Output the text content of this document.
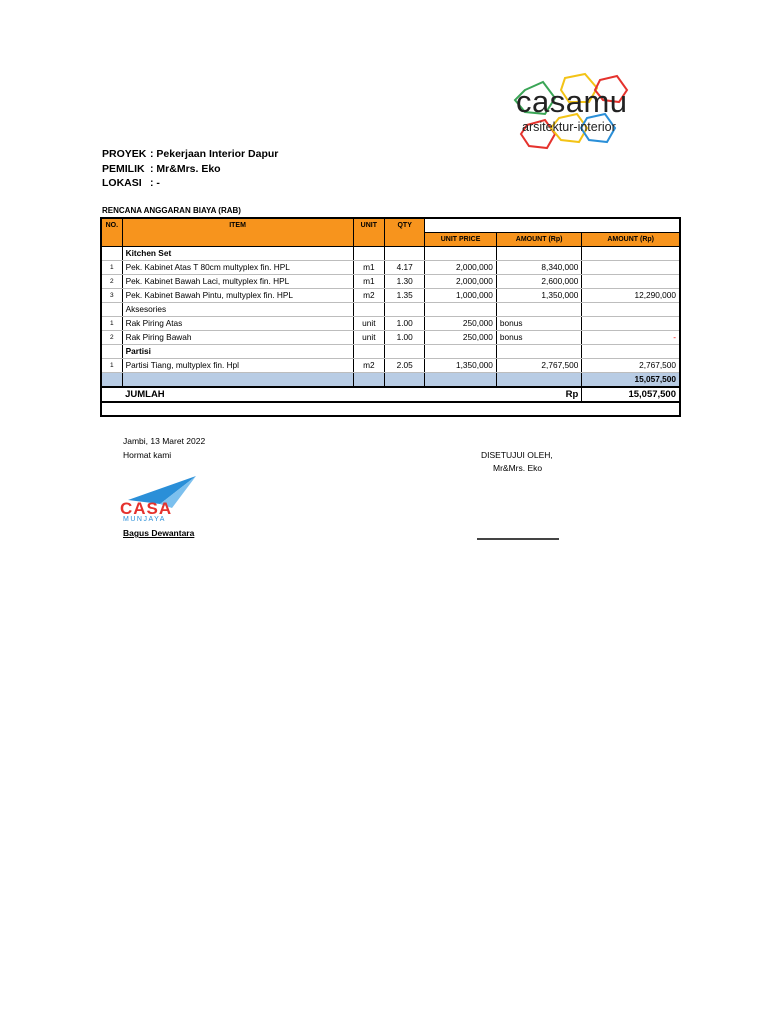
casamu
arsitektur-interior
PROYEK : Pekerjaan Interior Dapur
PEMILIK : Mr&Mrs. Eko
LOKASI : -
RENCANA ANGGARAN BIAYA (RAB)
NO.	ITEM	UNIT	QTY			
				UNIT PRICE	AMOUNT (Rp)	AMOUNT (Rp)
	Kitchen Set					
1	Pek. Kabinet Atas T 80cm multyplex fin. HPL	m1	4.17	2,000,000	8,340,000	
2	Pek. Kabinet Bawah Laci, multyplex fin. HPL	m1	1.30	2,000,000	2,600,000	
3	Pek. Kabinet Bawah Pintu, multyplex fin. HPL	m2	1.35	1,000,000	1,350,000	12,290,000
	Aksesories					
1	Rak Piring Atas	unit	1.00	250,000	bonus	
2	Rak Piring Bawah	unit	1.00	250,000	bonus	-
	Partisi					
1	Partisi Tiang, multyplex fin. Hpl	m2	2.05	1,350,000	2,767,500	2,767,500
						15,057,500
	JUMLAH				Rp	15,057,500

Jambi, 13 Maret 2022
Hormat kami
CASA
MUNJAYA
Bagus Dewantara
DISETUJUI OLEH,
Mr&Mrs. Eko
